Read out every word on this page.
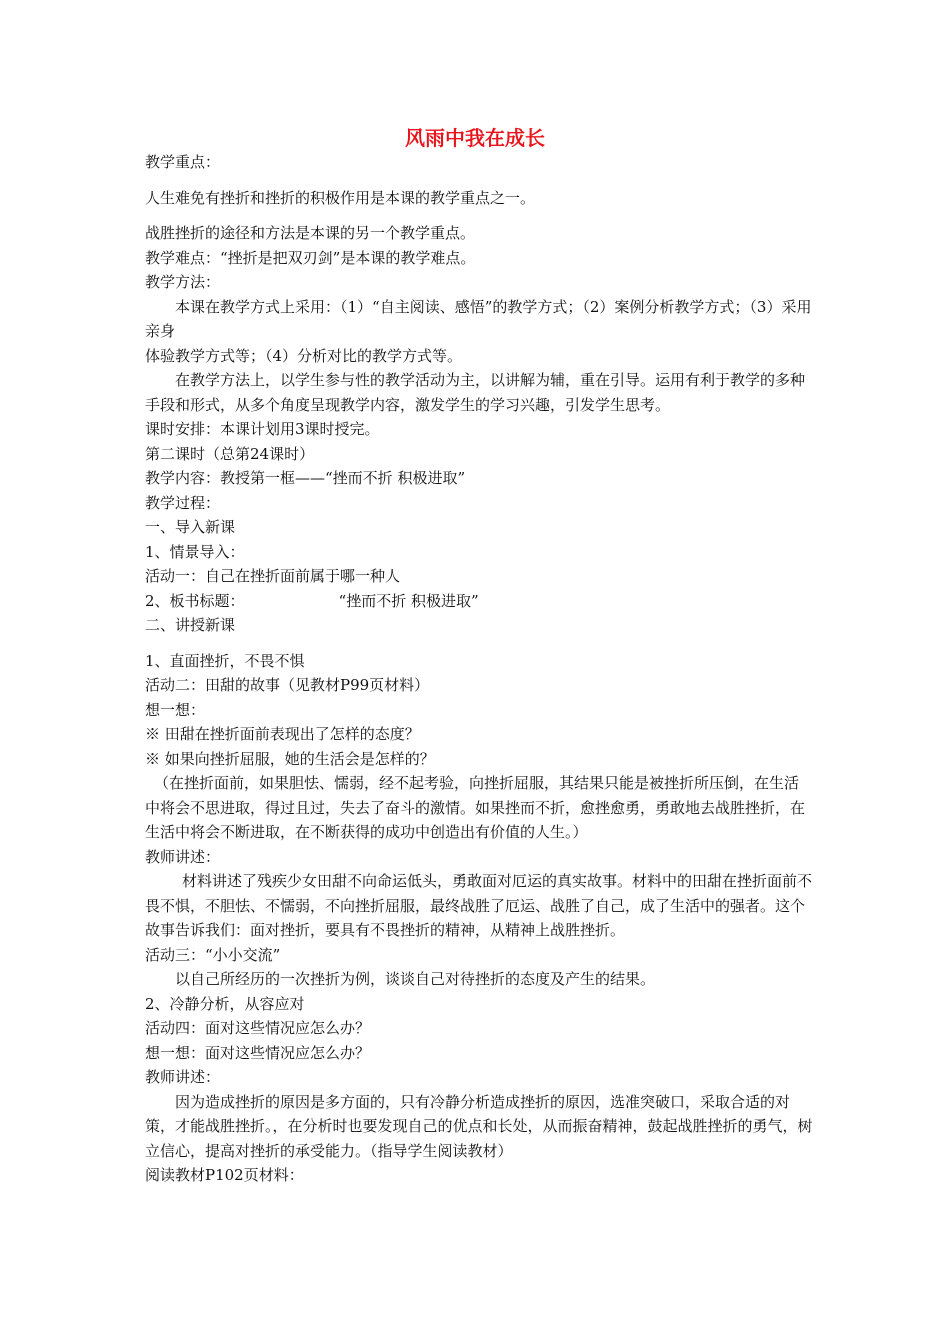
风雨中我在成长

教学重点：

人生难免有挫折和挫折的积极作用是本课的教学重点之一。

战胜挫折的途径和方法是本课的另一个教学重点。

教学难点：“挫折是把双刃剑”是本课的教学难点。

教学方法：

本课在教学方式上采用：（1）“自主阅读、感悟”的教学方式；（2）案例分析教学方式；（3）采用亲身

体验教学方式等；（4）分析对比的教学方式等。

在教学方法上，以学生参与性的教学活动为主，以讲解为辅，重在引导。运用有利于教学的多种手段和形式，从多个角度呈现教学内容，激发学生的学习兴趣，引发学生思考。

课时安排：本课计划用3课时授完。

第二课时（总第24课时）

教学内容：教授第一框——“挫而不折 积极进取”

教学过程：

一、导入新课

1、情景导入：

活动一：自己在挫折面前属于哪一种人

2、板书标题：	“挫而不折 积极进取”

二、讲授新课

1、直面挫折，不畏不惧

活动二：田甜的故事（见教材P99页材料）

想一想：

※ 田甜在挫折面前表现出了怎样的态度？

※ 如果向挫折屈服，她的生活会是怎样的？

（在挫折面前，如果胆怯、懦弱，经不起考验，向挫折屈服，其结果只能是被挫折所压倒，在生活中将会不思进取，得过且过，失去了奋斗的激情。如果挫而不折，愈挫愈勇，勇敢地去战胜挫折，在生活中将会不断进取，在不断获得的成功中创造出有价值的人生。）

教师讲述：

材料讲述了残疾少女田甜不向命运低头，勇敢面对厄运的真实故事。材料中的田甜在挫折面前不畏不惧，不胆怯、不懦弱，不向挫折屈服，最终战胜了厄运、战胜了自己，成了生活中的强者。这个故事告诉我们：面对挫折，要具有不畏挫折的精神，从精神上战胜挫折。

活动三：“小小交流”

以自己所经历的一次挫折为例，谈谈自己对待挫折的态度及产生的结果。

2、冷静分析，从容应对

活动四：面对这些情况应怎么办？

想一想：面对这些情况应怎么办？

教师讲述：

因为造成挫折的原因是多方面的，只有冷静分析造成挫折的原因，选准突破口，采取合适的对策，才能战胜挫折。，在分析时也要发现自己的优点和长处，从而振奋精神，鼓起战胜挫折的勇气，树立信心，提高对挫折的承受能力。（指导学生阅读教材）

阅读教材P102页材料：
